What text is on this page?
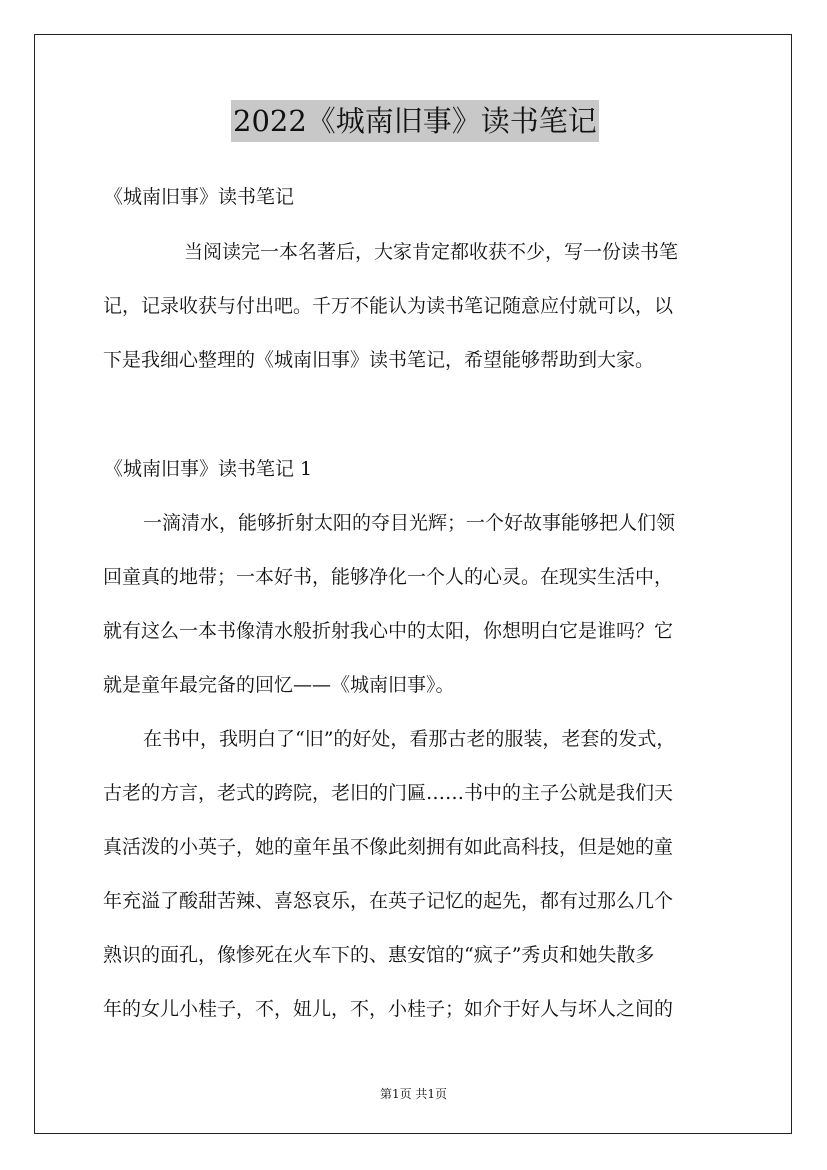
2022《城南旧事》读书笔记

《城南旧事》读书笔记

当阅读完一本名著后，大家肯定都收获不少，写一份读书笔

记，记录收获与付出吧。千万不能认为读书笔记随意应付就可以，以

下是我细心整理的《城南旧事》读书笔记，希望能够帮助到大家。

《城南旧事》读书笔记 1

一滴清水，能够折射太阳的夺目光辉；一个好故事能够把人们领

回童真的地带；一本好书，能够净化一个人的心灵。在现实生活中，

就有这么一本书像清水般折射我心中的太阳，你想明白它是谁吗？它

就是童年最完备的回忆——《城南旧事》。

在书中，我明白了“旧”的好处，看那古老的服装，老套的发式，

古老的方言，老式的跨院，老旧的门匾……书中的主子公就是我们天

真活泼的小英子，她的童年虽不像此刻拥有如此高科技，但是她的童

年充溢了酸甜苦辣、喜怒哀乐，在英子记忆的起先，都有过那么几个

熟识的面孔，像惨死在火车下的、惠安馆的“疯子”秀贞和她失散多

年的女儿小桂子，不，妞儿，不，小桂子；如介于好人与坏人之间的

第1页 共1页
